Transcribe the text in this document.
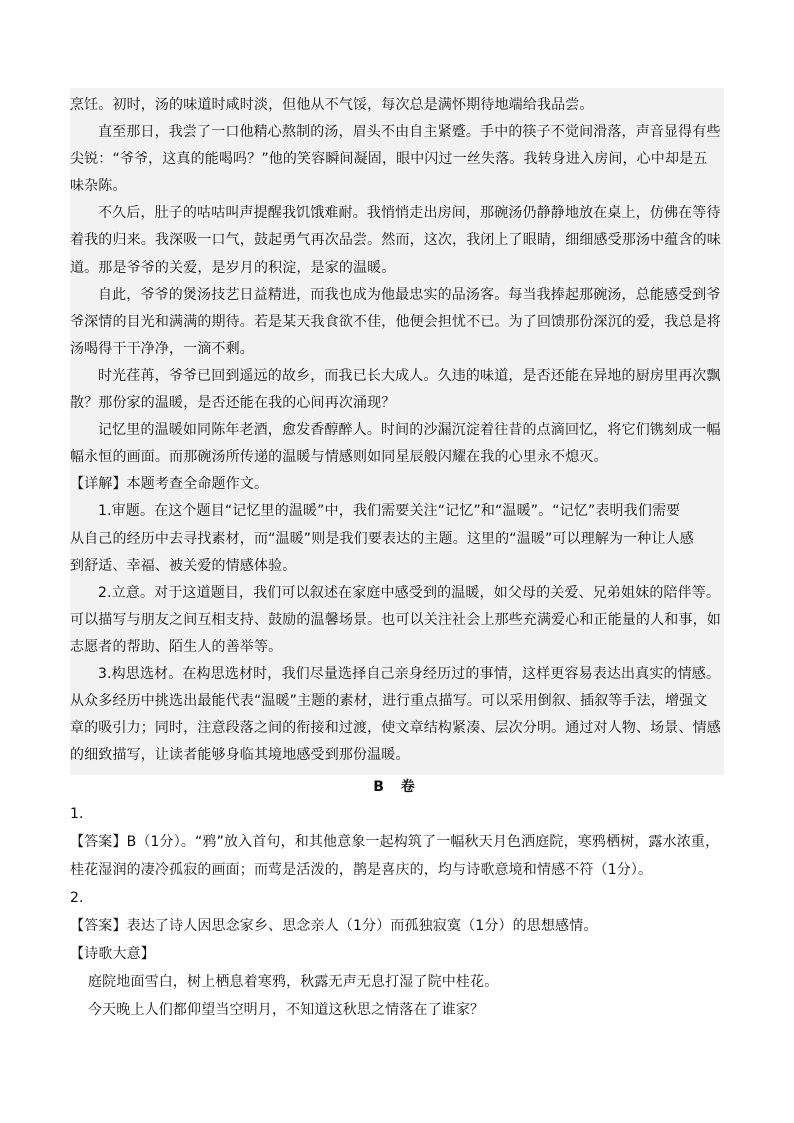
烹饪。初时，汤的味道时咸时淡，但他从不气馁，每次总是满怀期待地端给我品尝。
直至那日，我尝了一口他精心熬制的汤，眉头不由自主紧蹙。手中的筷子不觉间滑落，声音显得有些
尖锐：“爷爷，这真的能喝吗？”他的笑容瞬间凝固，眼中闪过一丝失落。我转身进入房间，心中却是五
味杂陈。
不久后，肚子的咕咕叫声提醒我饥饿难耐。我悄悄走出房间，那碗汤仍静静地放在桌上，仿佛在等待
着我的归来。我深吸一口气，鼓起勇气再次品尝。然而，这次，我闭上了眼睛，细细感受那汤中蕴含的味
道。那是爷爷的关爱，是岁月的积淀，是家的温暖。
自此，爷爷的煲汤技艺日益精进，而我也成为他最忠实的品汤客。每当我捧起那碗汤，总能感受到爷
爷深情的目光和满满的期待。若是某天我食欲不佳，他便会担忧不已。为了回馈那份深沉的爱，我总是将
汤喝得干干净净，一滴不剩。
时光荏苒，爷爷已回到遥远的故乡，而我已长大成人。久违的味道，是否还能在异地的厨房里再次飘
散？那份家的温暖，是否还能在我的心间再次涌现？
记忆里的温暖如同陈年老酒，愈发香醇醉人。时间的沙漏沉淀着往昔的点滴回忆，将它们镌刻成一幅
幅永恒的画面。而那碗汤所传递的温暖与情感则如同星辰般闪耀在我的心里永不熄灭。
【详解】本题考查全命题作文。
1.审题。在这个题目“记忆里的温暖”中，我们需要关注“记忆”和“温暖”。“记忆”表明我们需要
从自己的经历中去寻找素材，而“温暖”则是我们要表达的主题。这里的“温暖”可以理解为一种让人感
到舒适、幸福、被关爱的情感体验。
2.立意。对于这道题目，我们可以叙述在家庭中感受到的温暖，如父母的关爱、兄弟姐妹的陪伴等。
可以描写与朋友之间互相支持、鼓励的温馨场景。也可以关注社会上那些充满爱心和正能量的人和事，如
志愿者的帮助、陌生人的善举等。
3.构思选材。在构思选材时，我们尽量选择自己亲身经历过的事情，这样更容易表达出真实的情感。
从众多经历中挑选出最能代表“温暖”主题的素材，进行重点描写。可以采用倒叙、插叙等手法，增强文
章的吸引力；同时，注意段落之间的衔接和过渡，使文章结构紧凑、层次分明。通过对人物、场景、情感
的细致描写，让读者能够身临其境地感受到那份温暖。
B 卷
1.
【答案】B（1分）。“鸦”放入首句，和其他意象一起构筑了一幅秋天月色洒庭院，寒鸦栖树，露水浓重，
桂花湿润的凄冷孤寂的画面；而莺是活泼的，鹊是喜庆的，均与诗歌意境和情感不符（1分）。
2.
【答案】表达了诗人因思念家乡、思念亲人（1分）而孤独寂寞（1分）的思想感情。
【诗歌大意】
庭院地面雪白，树上栖息着寒鸦，秋露无声无息打湿了院中桂花。
今天晚上人们都仰望当空明月，不知道这秋思之情落在了谁家？
